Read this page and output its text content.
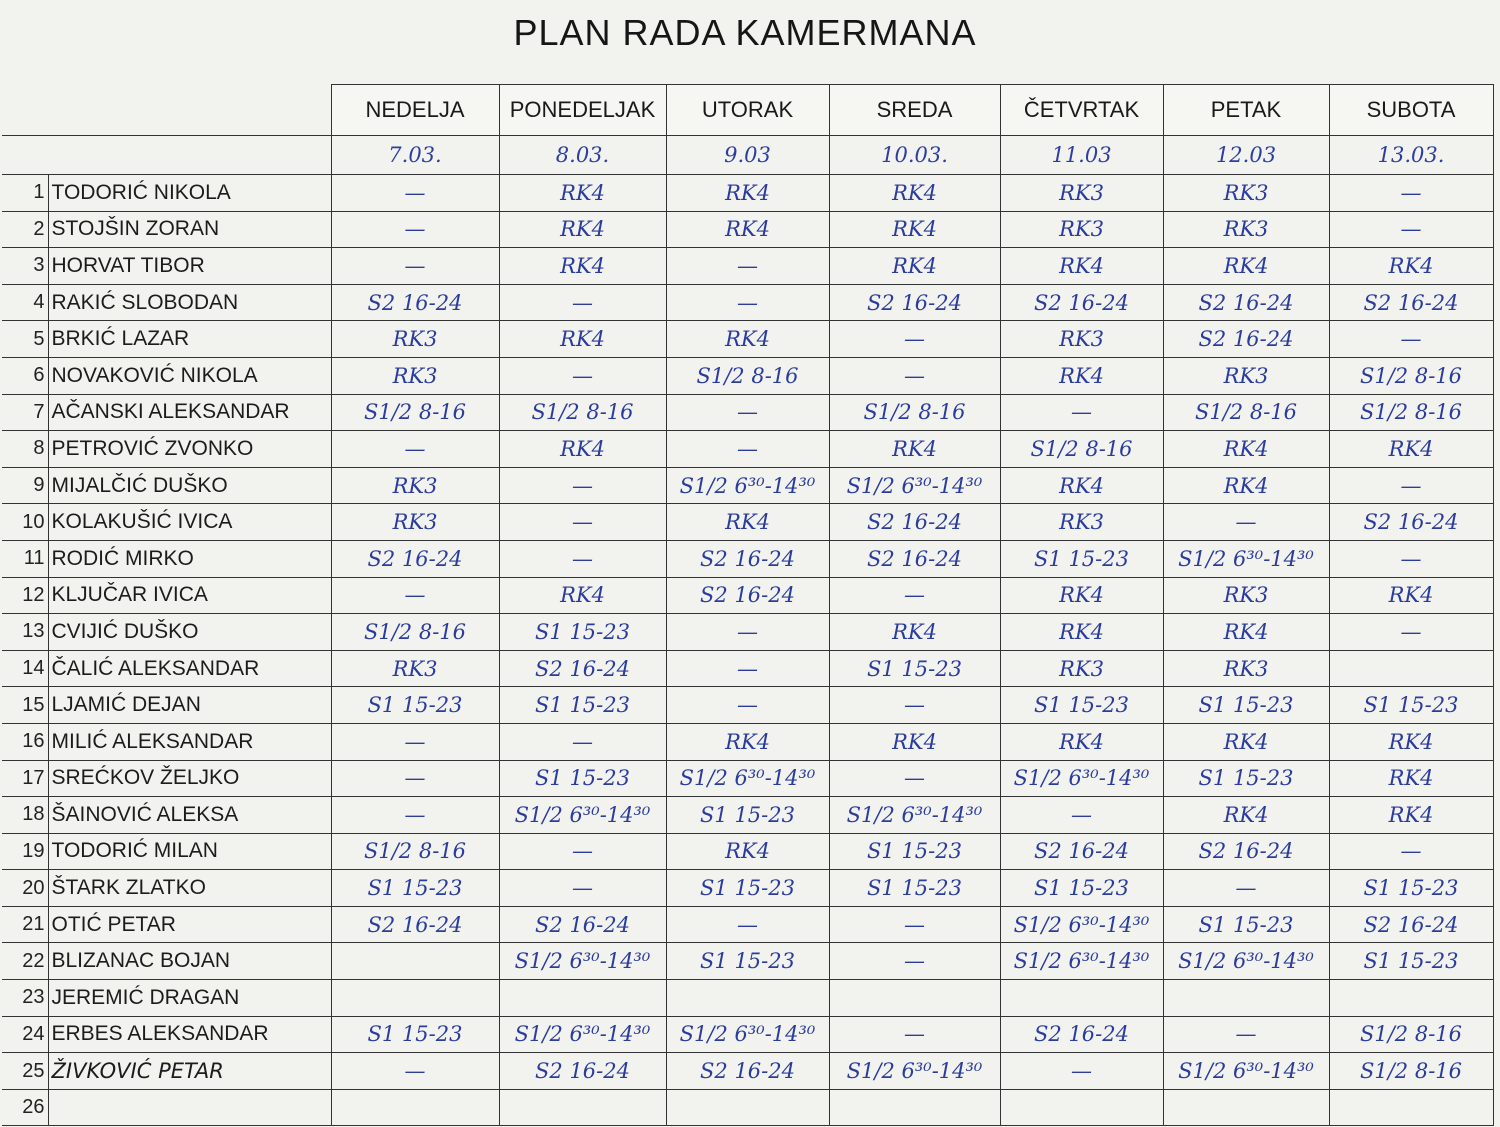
PLAN RADA KAMERMANA
		NEDELJA	PONEDELJAK	UTORAK	SREDA	ČETVRTAK	PETAK	SUBOTA
		7.03.	8.03.	9.03	10.03.	11.03	12.03	13.03.
1	TODORIĆ NIKOLA	—	RK4	RK4	RK4	RK3	RK3	—
2	STOJŠIN ZORAN	—	RK4	RK4	RK4	RK3	RK3	—
3	HORVAT TIBOR	—	RK4	—	RK4	RK4	RK4	RK4
4	RAKIĆ SLOBODAN	S2 16-24	—	—	S2 16-24	S2 16-24	S2 16-24	S2 16-24
5	BRKIĆ LAZAR	RK3	RK4	RK4	—	RK3	S2 16-24	—
6	NOVAKOVIĆ NIKOLA	RK3	—	S1/2 8-16	—	RK4	RK3	S1/2 8-16
7	AČANSKI ALEKSANDAR	S1/2 8-16	S1/2 8-16	—	S1/2 8-16	—	S1/2 8-16	S1/2 8-16
8	PETROVIĆ ZVONKO	—	RK4	—	RK4	S1/2 8-16	RK4	RK4
9	MIJALČIĆ DUŠKO	RK3	—	S1/2 6³⁰-14³⁰	S1/2 6³⁰-14³⁰	RK4	RK4	—
10	KOLAKUŠIĆ IVICA	RK3	—	RK4	S2 16-24	RK3	—	S2 16-24
11	RODIĆ MIRKO	S2 16-24	—	S2 16-24	S2 16-24	S1 15-23	S1/2 6³⁰-14³⁰	—
12	KLJUČAR IVICA	—	RK4	S2 16-24	—	RK4	RK3	RK4
13	CVIJIĆ DUŠKO	S1/2 8-16	S1 15-23	—	RK4	RK4	RK4	—
14	ČALIĆ ALEKSANDAR	RK3	S2 16-24	—	S1 15-23	RK3	RK3	
15	LJAMIĆ DEJAN	S1 15-23	S1 15-23	—	—	S1 15-23	S1 15-23	S1 15-23
16	MILIĆ ALEKSANDAR	—	—	RK4	RK4	RK4	RK4	RK4
17	SREĆKOV ŽELJKO	—	S1 15-23	S1/2 6³⁰-14³⁰	—	S1/2 6³⁰-14³⁰	S1 15-23	RK4
18	ŠAINOVIĆ ALEKSA	—	S1/2 6³⁰-14³⁰	S1 15-23	S1/2 6³⁰-14³⁰	—	RK4	RK4
19	TODORIĆ MILAN	S1/2 8-16	—	RK4	S1 15-23	S2 16-24	S2 16-24	—
20	ŠTARK ZLATKO	S1 15-23	—	S1 15-23	S1 15-23	S1 15-23	—	S1 15-23
21	OTIĆ PETAR	S2 16-24	S2 16-24	—	—	S1/2 6³⁰-14³⁰	S1 15-23	S2 16-24
22	BLIZANAC BOJAN		S1/2 6³⁰-14³⁰	S1 15-23	—	S1/2 6³⁰-14³⁰	S1/2 6³⁰-14³⁰	S1 15-23
23	JEREMIĆ DRAGAN							
24	ERBES ALEKSANDAR	S1 15-23	S1/2 6³⁰-14³⁰	S1/2 6³⁰-14³⁰	—	S2 16-24	—	S1/2 8-16
25	ŽIVKOVIĆ PETAR	—	S2 16-24	S2 16-24	S1/2 6³⁰-14³⁰	—	S1/2 6³⁰-14³⁰	S1/2 8-16
26								
